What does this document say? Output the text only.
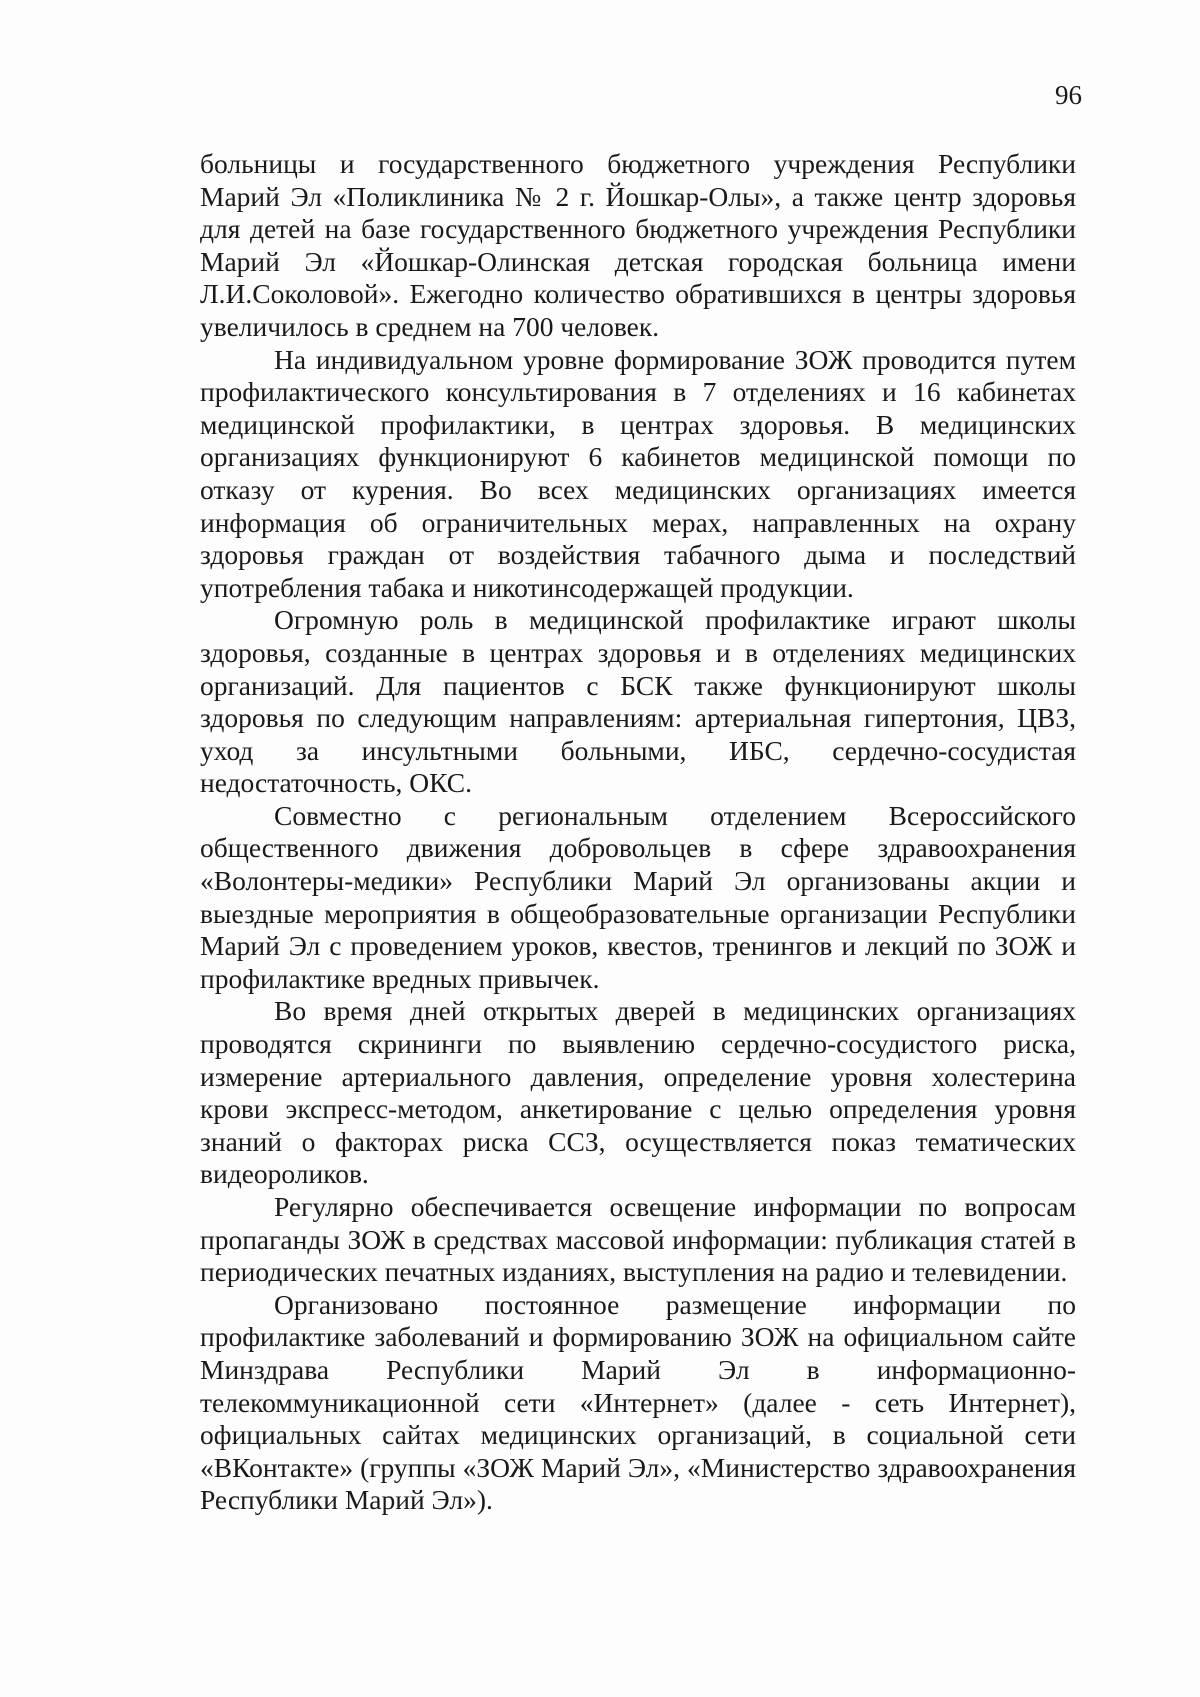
96

больницы и государственного бюджетного учреждения Республики Марий Эл «Поликлиника № 2 г. Йошкар-Олы», а также центр здоровья для детей на базе государственного бюджетного учреждения Республики Марий Эл «Йошкар-Олинская детская городская больница имени Л.И.Соколовой». Ежегодно количество обратившихся в центры здоровья увеличилось в среднем на 700 человек.

На индивидуальном уровне формирование ЗОЖ проводится путем профилактического консультирования в 7 отделениях и 16 кабинетах медицинской профилактики, в центрах здоровья. В медицинских организациях функционируют 6 кабинетов медицинской помощи по отказу от курения. Во всех медицинских организациях имеется информация об ограничительных мерах, направленных на охрану здоровья граждан от воздействия табачного дыма и последствий употребления табака и никотинсодержащей продукции.

Огромную роль в медицинской профилактике играют школы здоровья, созданные в центрах здоровья и в отделениях медицинских организаций. Для пациентов с БСК также функционируют школы здоровья по следующим направлениям: артериальная гипертония, ЦВЗ, уход за инсультными больными, ИБС, сердечно-сосудистая недостаточность, ОКС.

Совместно с региональным отделением Всероссийского общественного движения добровольцев в сфере здравоохранения «Волонтеры-медики» Республики Марий Эл организованы акции и выездные мероприятия в общеобразовательные организации Республики Марий Эл с проведением уроков, квестов, тренингов и лекций по ЗОЖ и профилактике вредных привычек.

Во время дней открытых дверей в медицинских организациях проводятся скрининги по выявлению сердечно-сосудистого риска, измерение артериального давления, определение уровня холестерина крови экспресс-методом, анкетирование с целью определения уровня знаний о факторах риска ССЗ, осуществляется показ тематических видеороликов.

Регулярно обеспечивается освещение информации по вопросам пропаганды ЗОЖ в средствах массовой информации: публикация статей в периодических печатных изданиях, выступления на радио и телевидении.

Организовано постоянное размещение информации по профилактике заболеваний и формированию ЗОЖ на официальном сайте Минздрава Республики Марий Эл в информационно-телекоммуникационной сети «Интернет» (далее - сеть Интернет), официальных сайтах медицинских организаций, в социальной сети «ВКонтакте» (группы «ЗОЖ Марий Эл», «Министерство здравоохранения Республики Марий Эл»).
